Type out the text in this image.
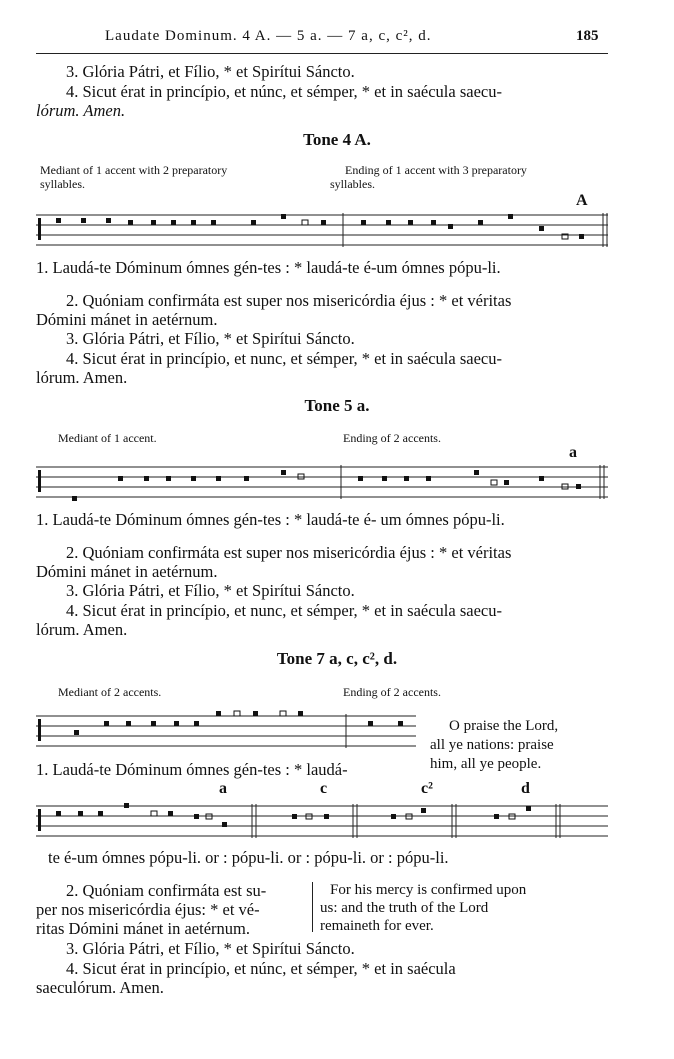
Laudate Dominum. 4 A. — 5 a. — 7 a, c, c², d.	185
3. Glória Pátri, et Fílio, * et Spirítui Sáncto.
4. Sicut érat in princípio, et núnc, et sémper, * et in saécula saecu-
lórum. Amen.
Tone 4 A.
Mediant of 1 accent with 2 preparatory
syllables.
Ending of 1 accent with 3 preparatory
syllables.
A
1. Laudá-te Dóminum ómnes gén-tes : * laudá-te é-um ómnes pópu-li.
2. Quóniam confirmáta est super nos misericórdia éjus : * et véritas
Dómini mánet in aetérnum.
3. Glória Pátri, et Fílio, * et Spirítui Sáncto.
4. Sicut érat in princípio, et nunc, et sémper, * et in saécula saecu-
lórum. Amen.
Tone 5 a.
Mediant of 1 accent.	Ending of 2 accents.
a
1. Laudá-te Dóminum ómnes gén-tes : * laudá-te é- um ómnes pópu-li.
2. Quóniam confirmáta est super nos misericórdia éjus : * et véritas
Dómini mánet in aetérnum.
3. Glória Pátri, et Fílio, * et Spirítui Sáncto.
4. Sicut érat in princípio, et nunc, et sémper, * et in saécula saecu-
lórum. Amen.
Tone 7 a, c, c², d.
Mediant of 2 accents.	Ending of 2 accents.
O praise the Lord,
all ye nations: praise
him, all ye people.
1. Laudá-te Dóminum ómnes gén-tes : * laudá-
a	c	c²	d
te é-um ómnes pópu-li. or : pópu-li. or : pópu-li. or : pópu-li.
2. Quóniam confirmáta est su-
per nos misericórdia éjus: * et vé-
ritas Dómini mánet in aetérnum.
For his mercy is confirmed upon
us: and the truth of the Lord
remaineth for ever.
3. Glória Pátri, et Fílio, * et Spirítui Sáncto.
4. Sicut érat in princípio, et núnc, et sémper, * et in saécula
saeculórum. Amen.
